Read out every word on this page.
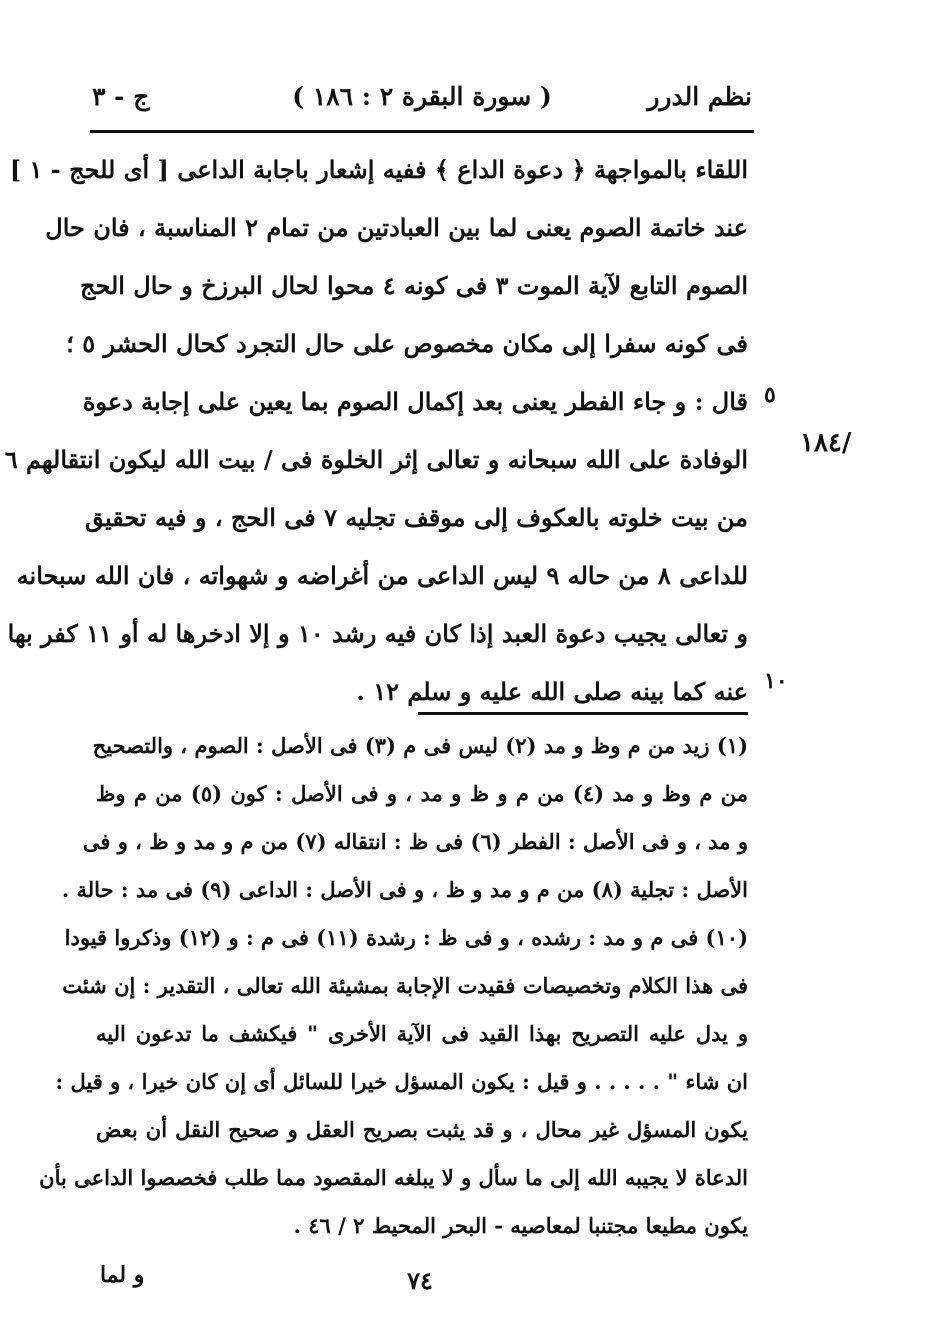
نظم الدرر
( سورة البقرة ٢ : ١٨٦ )
ج - ٣
اللقاء بالمواجهة ﴿ دعوة الداع ﴾ ففيه إشعار باجابة الداعى [ أى للحج - ١ ]
عند خاتمة الصوم يعنى لما بين العبادتين من تمام ٢ المناسبة ، فان حال
الصوم التابع لآية الموت ٣ فى كونه ٤ محوا لحال البرزخ و حال الحج
فى كونه سفرا إلى مكان مخصوص على حال التجرد كحال الحشر ٥ ؛
قال : و جاء الفطر يعنى بعد إكمال الصوم بما يعين على إجابة دعوة
الوفادة على الله سبحانه و تعالى إثر الخلوة فى / بيت الله ليكون انتقالهم ٦
من بيت خلوته بالعكوف إلى موقف تجليه ٧ فى الحج ، و فيه تحقيق
للداعى ٨ من حاله ٩ ليس الداعى من أغراضه و شهواته ، فان الله سبحانه
و تعالى يجيب دعوة العبد إذا كان فيه رشد ١٠ و إلا ادخرها له أو ١١ كفر بها
عنه كما بينه صلى الله عليه و سلم ١٢ .
٥
١٠
/١٨٤
(١) زيد من م وظ و مد (٢) ليس فى م (٣) فى الأصل : الصوم ، والتصحيح
من م وظ و مد (٤) من م و ظ و مد ، و فى الأصل : كون (٥) من م وظ
و مد ، و فى الأصل : الفطر (٦) فى ظ : انتقاله (٧) من م و مد و ظ ، و فى
الأصل : تجلية (٨) من م و مد و ظ ، و فى الأصل : الداعى (٩) فى مد : حالة .
(١٠) فى م و مد : رشده ، و فى ظ : رشدة (١١) فى م : و (١٢) وذكروا قيودا
فى هذا الكلام وتخصيصات فقيدت الإجابة بمشيئة الله تعالى ، التقدير : إن شئت
و يدل عليه التصريح بهذا القيد فى الآية الأخرى " فيكشف ما تدعون اليه
ان شاء " . . . . . و قيل : يكون المسؤل خيرا للسائل أى إن كان خيرا ، و قيل :
يكون المسؤل غير محال ، و قد يثبت بصريح العقل و صحيح النقل أن بعض
الدعاة لا يجيبه الله إلى ما سأل و لا يبلغه المقصود مما طلب فخصصوا الداعى بأن
يكون مطيعا مجتنبا لمعاصيه - البحر المحيط ٢ / ٤٦ .
و لما	٧٤
